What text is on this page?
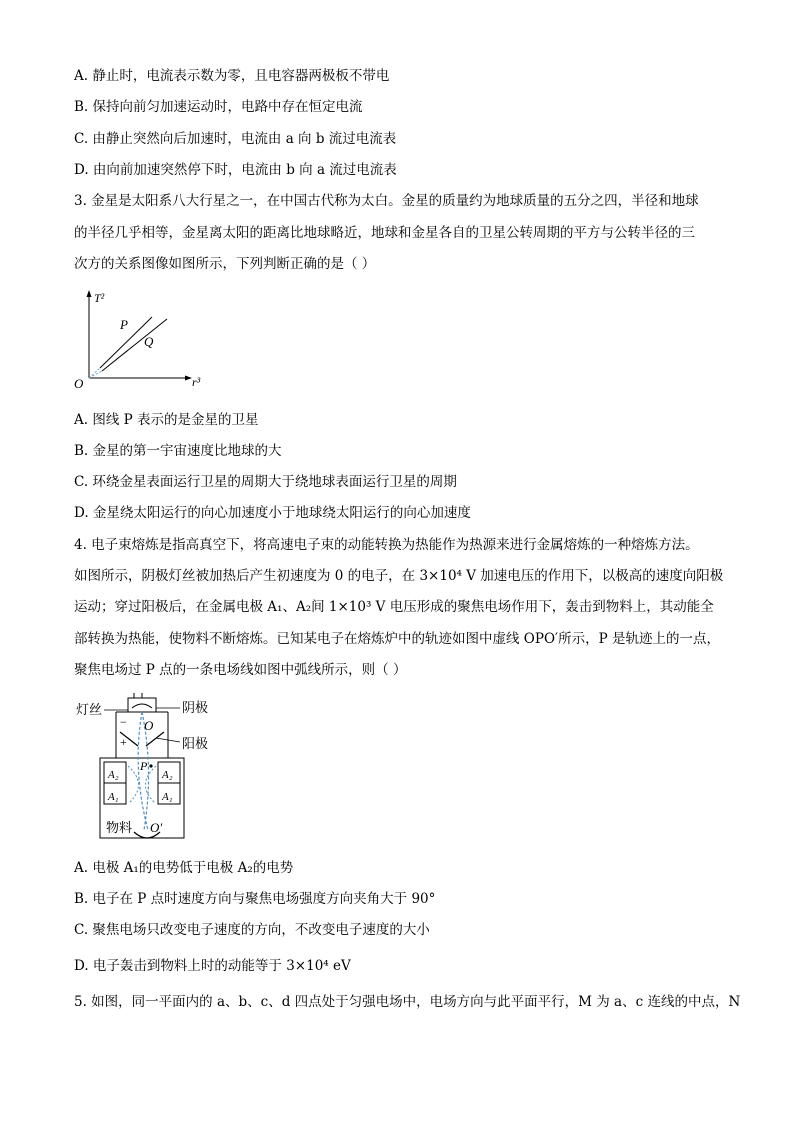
A. 静止时，电流表示数为零，且电容器两极板不带电
B. 保持向前匀加速运动时，电路中存在恒定电流
C. 由静止突然向后加速时，电流由 a 向 b 流过电流表
D. 由向前加速突然停下时，电流由 b 向 a 流过电流表
3. 金星是太阳系八大行星之一，在中国古代称为太白。金星的质量约为地球质量的五分之四，半径和地球
的半径几乎相等，金星离太阳的距离比地球略近，地球和金星各自的卫星公转周期的平方与公转半径的三
次方的关系图像如图所示，下列判断正确的是（ ）
T²
r³
O
P
Q
A. 图线 P 表示的是金星的卫星
B. 金星的第一宇宙速度比地球的大
C. 环绕金星表面运行卫星的周期大于绕地球表面运行卫星的周期
D. 金星绕太阳运行的向心加速度小于地球绕太阳运行的向心加速度
4. 电子束熔炼是指高真空下，将高速电子束的动能转换为热能作为热源来进行金属熔炼的一种熔炼方法。
如图所示，阴极灯丝被加热后产生初速度为 0 的电子，在 3×10⁴ V 加速电压的作用下，以极高的速度向阳极
运动；穿过阳极后，在金属电极 A₁、A₂间 1×10³ V 电压形成的聚焦电场作用下，轰击到物料上，其动能全
部转换为热能，使物料不断熔炼。已知某电子在熔炼炉中的轨迹如图中虚线 OPO′所示，P 是轨迹上的一点，
聚焦电场过 P 点的一条电场线如图中弧线所示，则（ ）
灯丝	阴极
阳极
物料
O
O′
P
−
+
A₂
A₁
A₂
A₁
A. 电极 A₁的电势低于电极 A₂的电势
B. 电子在 P 点时速度方向与聚焦电场强度方向夹角大于 90°
C. 聚焦电场只改变电子速度的方向，不改变电子速度的大小
D. 电子轰击到物料上时的动能等于 3×10⁴ eV
5. 如图，同一平面内的 a、b、c、d 四点处于匀强电场中，电场方向与此平面平行，M 为 a、c 连线的中点，N
